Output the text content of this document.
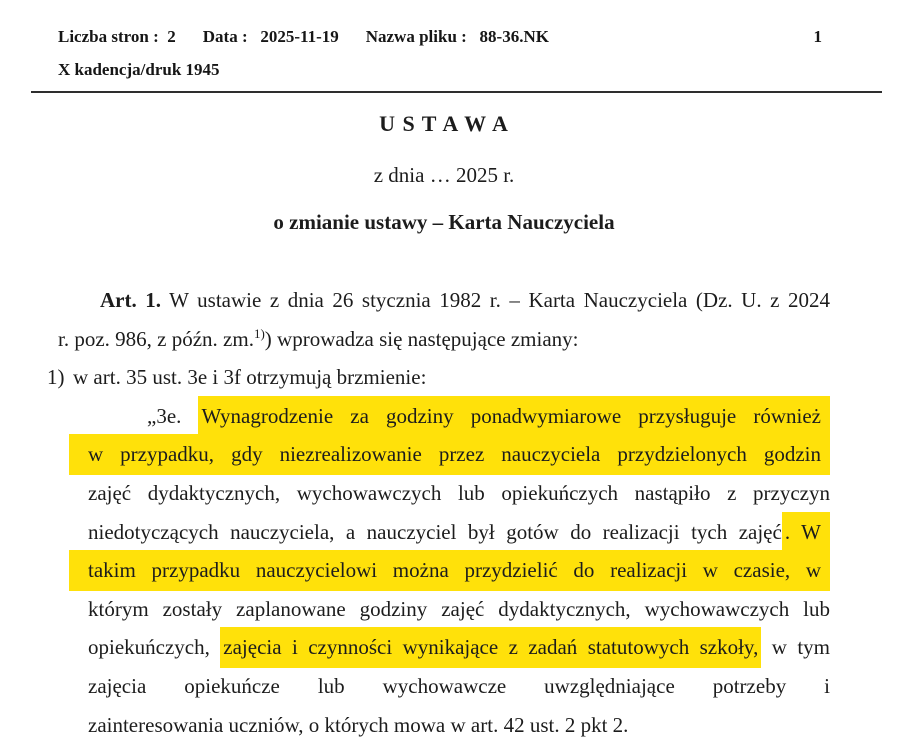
Liczba stron :  2 Data :   2025-11-19 Nazwa pliku :   88-36.NK
X kadencja/druk 1945
1
U S T A W A
z dnia … 2025 r.
o zmianie ustawy – Karta Nauczyciela
Art. 1. W ustawie z dnia 26 stycznia 1982 r. – Karta Nauczyciela (Dz. U. z 2024
r. poz. 986, z późn. zm.$^{1)}$) wprowadza się następujące zmiany:
1) w art. 35 ust. 3e i 3f otrzymują brzmienie:
„3e. Wynagrodzenie za godziny ponadwymiarowe przysługuje również
w przypadku, gdy niezrealizowanie przez nauczyciela przydzielonych godzin
zajęć dydaktycznych, wychowawczych lub opiekuńczych nastąpiło z przyczyn
niedotyczących nauczyciela, a nauczyciel był gotów do realizacji tych zajęć . W
takim przypadku nauczycielowi można przydzielić do realizacji w czasie, w
którym zostały zaplanowane godziny zajęć dydaktycznych, wychowawczych lub
opiekuńczych, zajęcia i czynności wynikające z zadań statutowych szkoły, w tym
zajęcia opiekuńcze lub wychowawcze uwzględniające potrzeby i
zainteresowania uczniów, o których mowa w art. 42 ust. 2 pkt 2.
